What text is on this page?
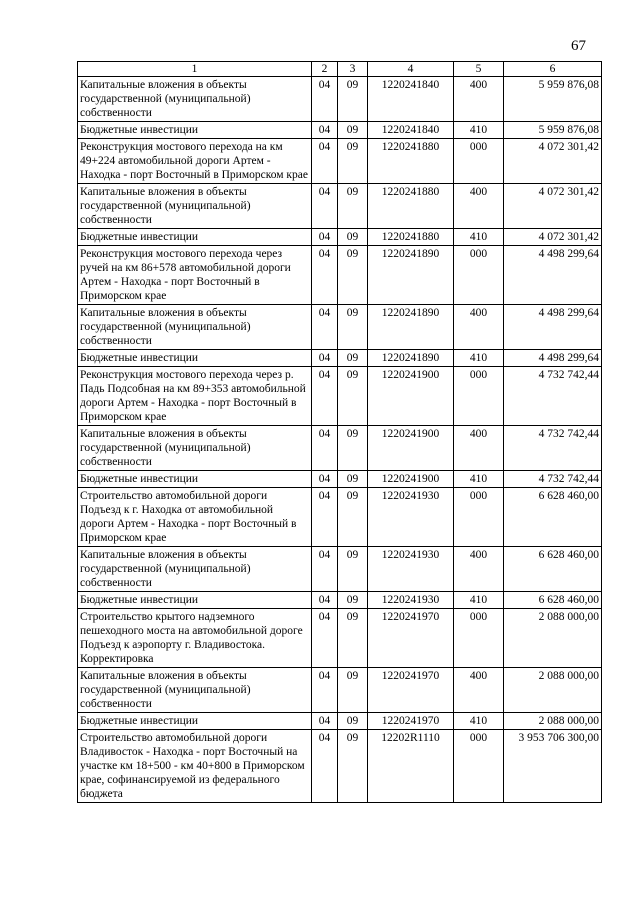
67
1	2	3	4	5	6
Капитальные вложения в объекты государственной (муниципальной) собственности	04	09	1220241840	400	5 959 876,08
Бюджетные инвестиции	04	09	1220241840	410	5 959 876,08
Реконструкция мостового перехода на км 49+224 автомобильной дороги Артем - Находка - порт Восточный в Приморском крае	04	09	1220241880	000	4 072 301,42
Капитальные вложения в объекты государственной (муниципальной) собственности	04	09	1220241880	400	4 072 301,42
Бюджетные инвестиции	04	09	1220241880	410	4 072 301,42
Реконструкция мостового перехода через ручей на км 86+578 автомобильной дороги Артем - Находка - порт Восточный в Приморском крае	04	09	1220241890	000	4 498 299,64
Капитальные вложения в объекты государственной (муниципальной) собственности	04	09	1220241890	400	4 498 299,64
Бюджетные инвестиции	04	09	1220241890	410	4 498 299,64
Реконструкция мостового перехода через р. Падь Подсобная на км 89+353 автомобильной дороги Артем - Находка - порт Восточный в Приморском крае	04	09	1220241900	000	4 732 742,44
Капитальные вложения в объекты государственной (муниципальной) собственности	04	09	1220241900	400	4 732 742,44
Бюджетные инвестиции	04	09	1220241900	410	4 732 742,44
Строительство автомобильной дороги Подъезд к г. Находка от автомобильной дороги Артем - Находка - порт Восточный в Приморском крае	04	09	1220241930	000	6 628 460,00
Капитальные вложения в объекты государственной (муниципальной) собственности	04	09	1220241930	400	6 628 460,00
Бюджетные инвестиции	04	09	1220241930	410	6 628 460,00
Строительство крытого надземного пешеходного моста на автомобильной дороге Подъезд к аэропорту г. Владивостока. Корректировка	04	09	1220241970	000	2 088 000,00
Капитальные вложения в объекты государственной (муниципальной) собственности	04	09	1220241970	400	2 088 000,00
Бюджетные инвестиции	04	09	1220241970	410	2 088 000,00
Строительство автомобильной дороги Владивосток - Находка - порт Восточный на участке км 18+500 - км 40+800 в Приморском крае, софинансируемой из федерального бюджета	04	09	12202R1110	000	3 953 706 300,00
